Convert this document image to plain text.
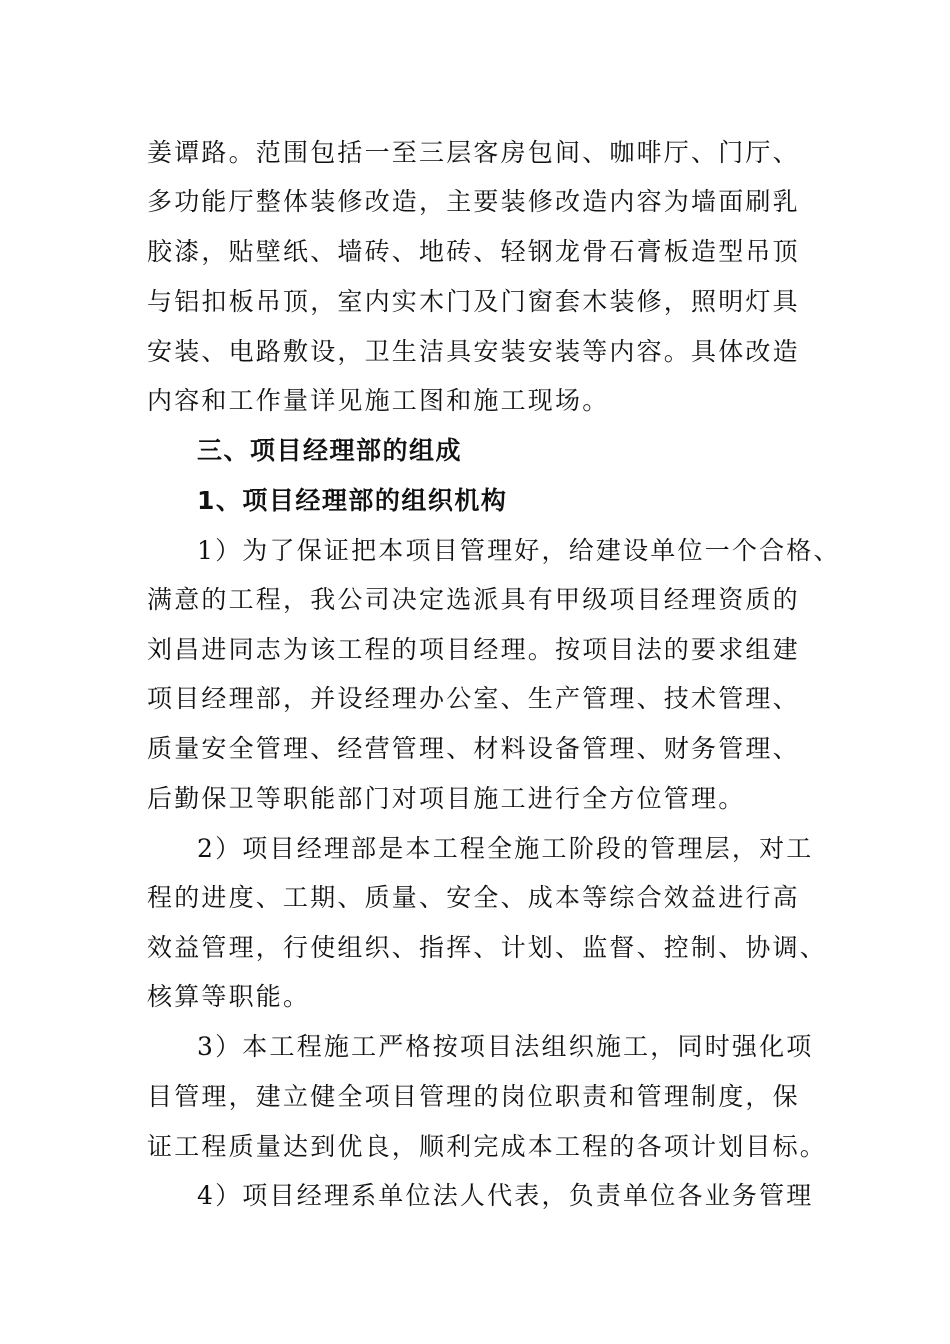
姜谭路。范围包括一至三层客房包间、咖啡厅、门厅、
多功能厅整体装修改造，主要装修改造内容为墙面刷乳
胶漆，贴壁纸、墙砖、地砖、轻钢龙骨石膏板造型吊顶
与铝扣板吊顶，室内实木门及门窗套木装修，照明灯具
安装、电路敷设，卫生洁具安装安装等内容。具体改造
内容和工作量详见施工图和施工现场。
三、项目经理部的组成
1、项目经理部的组织机构
1）为了保证把本项目管理好，给建设单位一个合格、
满意的工程，我公司决定选派具有甲级项目经理资质的
刘昌进同志为该工程的项目经理。按项目法的要求组建
项目经理部，并设经理办公室、生产管理、技术管理、
质量安全管理、经营管理、材料设备管理、财务管理、
后勤保卫等职能部门对项目施工进行全方位管理。
2）项目经理部是本工程全施工阶段的管理层，对工
程的进度、工期、质量、安全、成本等综合效益进行高
效益管理，行使组织、指挥、计划、监督、控制、协调、
核算等职能。
3）本工程施工严格按项目法组织施工，同时强化项
目管理，建立健全项目管理的岗位职责和管理制度，保
证工程质量达到优良，顺利完成本工程的各项计划目标。
4）项目经理系单位法人代表，负责单位各业务管理
